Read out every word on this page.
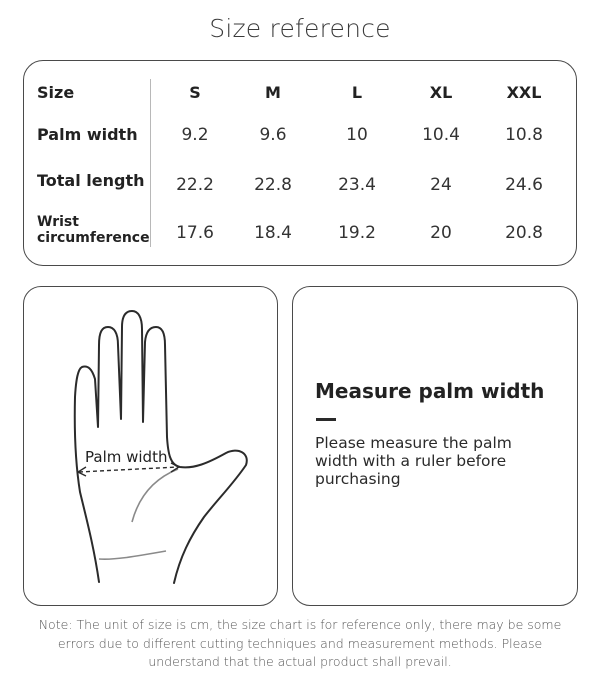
Size reference
Size	S	M	L	XL	XXL
Palm width	9.2	9.6	10	10.4	10.8
Total length	22.2	22.8	23.4	24	24.6
Wrist
circumference	17.6	18.4	19.2	20	20.8
Palm width
Measure palm width
Please measure the palm
width with a ruler before
purchasing
Note: The unit of size is cm, the size chart is for reference only, there may be some
errors due to different cutting techniques and measurement methods. Please
understand that the actual product shall prevail.
